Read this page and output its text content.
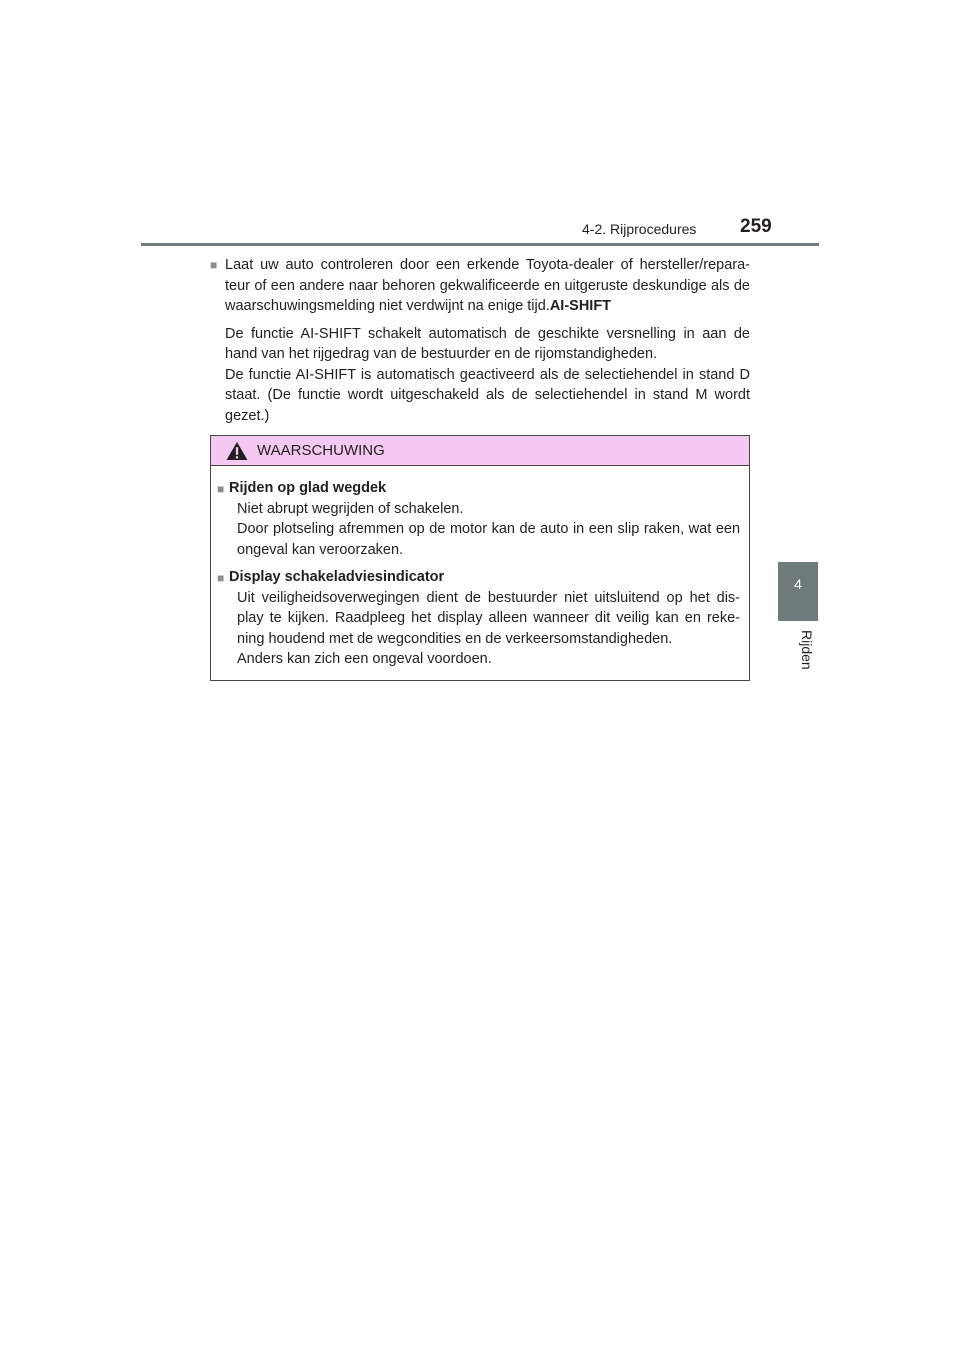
4-2. Rijprocedures 259
4
Rijden
■ Laat uw auto controleren door een erkende Toyota-dealer of hersteller/repara- teur of een andere naar behoren gekwalificeerde en uitgeruste deskundige als de waarschuwingsmelding niet verdwijnt na enige tijd.AI-SHIFT

De functie AI-SHIFT schakelt automatisch de geschikte versnelling in aan de hand van het rijgedrag van de bestuurder en de rijomstandigheden.
De functie AI-SHIFT is automatisch geactiveerd als de selectiehendel in stand D staat. (De functie wordt uitgeschakeld als de selectiehendel in stand M wordt gezet.)

WAARSCHUWING
■ Rijden op glad wegdek
Niet abrupt wegrijden of schakelen.
Door plotseling afremmen op de motor kan de auto in een slip raken, wat een ongeval kan veroorzaken.
■ Display schakeladviesindicator
Uit veiligheidsoverwegingen dient de bestuurder niet uitsluitend op het dis- play te kijken. Raadpleeg het display alleen wanneer dit veilig kan en reke- ning houdend met de wegcondities en de verkeersomstandigheden.
Anders kan zich een ongeval voordoen.
